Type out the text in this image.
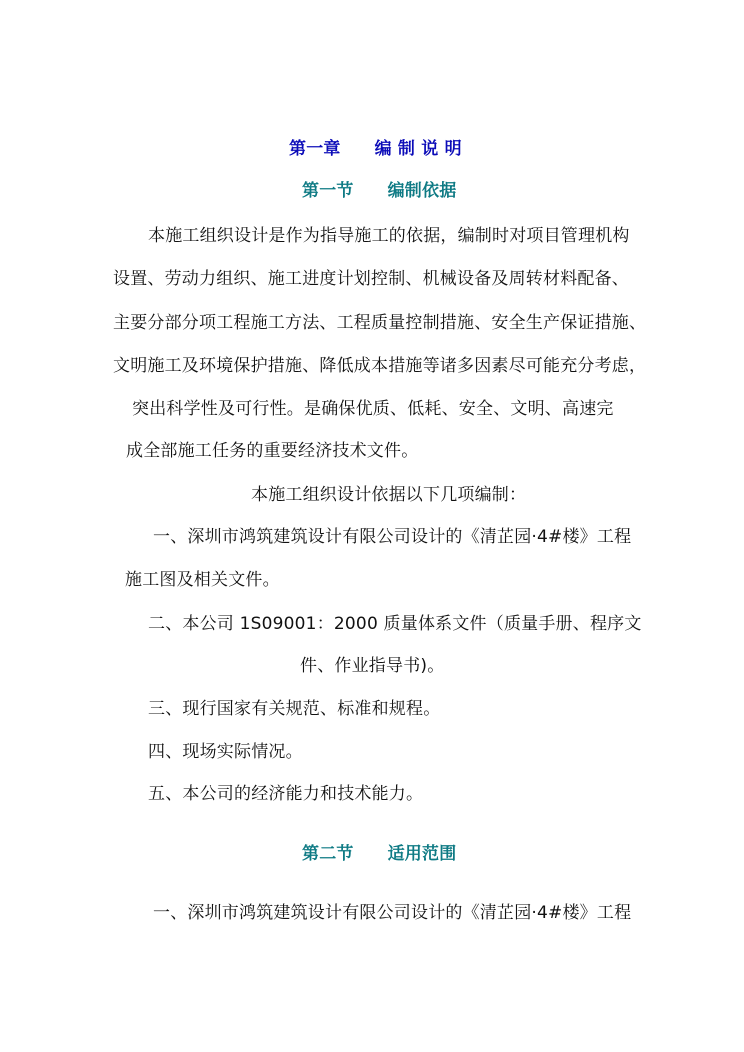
第一章 编 制 说 明
第一节 编制依据
本施工组织设计是作为指导施工的依据，编制时对项目管理机构
设置、劳动力组织、施工进度计划控制、机械设备及周转材料配备、
主要分部分项工程施工方法、工程质量控制措施、安全生产保证措施、
文明施工及环境保护措施、降低成本措施等诸多因素尽可能充分考虑，
突出科学性及可行性。是确保优质、低耗、安全、文明、高速完
成全部施工任务的重要经济技术文件。
本施工组织设计依据以下几项编制：
一、深圳市鸿筑建筑设计有限公司设计的《清芷园·4#楼》工程
施工图及相关文件。
二、本公司 1S09001：2000 质量体系文件（质量手册、程序文
件、作业指导书)。
三、现行国家有关规范、标准和规程。
四、现场实际情况。
五、本公司的经济能力和技术能力。
第二节 适用范围
一、深圳市鸿筑建筑设计有限公司设计的《清芷园·4#楼》工程
